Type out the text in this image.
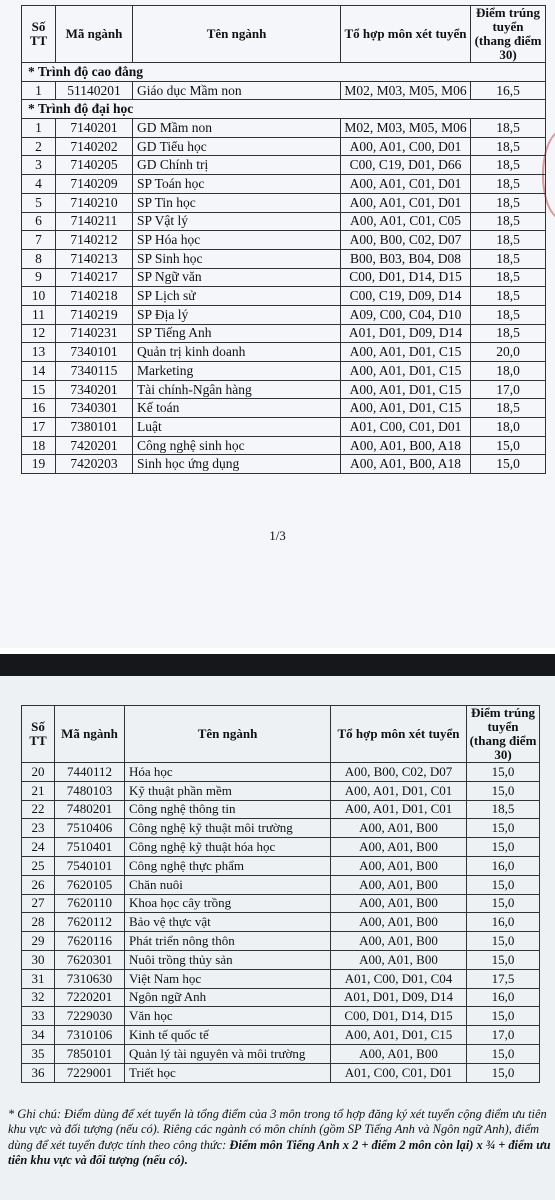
Số TT	Mã ngành	Tên ngành	Tổ hợp môn xét tuyển	Điểm trúng tuyển (thang điểm 30)
* Trình độ cao đẳng				
1	51140201	Giáo dục Mầm non	M02, M03, M05, M06	16,5
* Trình độ đại học				
1	7140201	GD Mầm non	M02, M03, M05, M06	18,5
2	7140202	GD Tiểu học	A00, A01, C00, D01	18,5
3	7140205	GD Chính trị	C00, C19, D01, D66	18,5
4	7140209	SP Toán học	A00, A01, C01, D01	18,5
5	7140210	SP Tin học	A00, A01, C01, D01	18,5
6	7140211	SP Vật lý	A00, A01, C01, C05	18,5
7	7140212	SP Hóa học	A00, B00, C02, D07	18,5
8	7140213	SP Sinh học	B00, B03, B04, D08	18,5
9	7140217	SP Ngữ văn	C00, D01, D14, D15	18,5
10	7140218	SP Lịch sử	C00, C19, D09, D14	18,5
11	7140219	SP Địa lý	A09, C00, C04, D10	18,5
12	7140231	SP Tiếng Anh	A01, D01, D09, D14	18,5
13	7340101	Quản trị kinh doanh	A00, A01, D01, C15	20,0
14	7340115	Marketing	A00, A01, D01, C15	18,0
15	7340201	Tài chính-Ngân hàng	A00, A01, D01, C15	17,0
16	7340301	Kế toán	A00, A01, D01, C15	18,5
17	7380101	Luật	A01, C00, C01, D01	18,0
18	7420201	Công nghệ sinh học	A00, A01, B00, A18	15,0
19	7420203	Sinh học ứng dụng	A00, A01, B00, A18	15,0
1/3
Số TT	Mã ngành	Tên ngành	Tổ hợp môn xét tuyển	Điểm trúng tuyển (thang điểm 30)
20	7440112	Hóa học	A00, B00, C02, D07	15,0
21	7480103	Kỹ thuật phần mềm	A00, A01, D01, C01	15,0
22	7480201	Công nghệ thông tin	A00, A01, D01, C01	18,5
23	7510406	Công nghệ kỹ thuật môi trường	A00, A01, B00	15,0
24	7510401	Công nghệ kỹ thuật hóa học	A00, A01, B00	15,0
25	7540101	Công nghệ thực phẩm	A00, A01, B00	16,0
26	7620105	Chăn nuôi	A00, A01, B00	15,0
27	7620110	Khoa học cây trồng	A00, A01, B00	15,0
28	7620112	Bảo vệ thực vật	A00, A01, B00	16,0
29	7620116	Phát triển nông thôn	A00, A01, B00	15,0
30	7620301	Nuôi trồng thủy sản	A00, A01, B00	15,0
31	7310630	Việt Nam học	A01, C00, D01, C04	17,5
32	7220201	Ngôn ngữ Anh	A01, D01, D09, D14	16,0
33	7229030	Văn học	C00, D01, D14, D15	15,0
34	7310106	Kinh tế quốc tế	A00, A01, D01, C15	17,0
35	7850101	Quản lý tài nguyên và môi trường	A00, A01, B00	15,0
36	7229001	Triết học	A01, C00, C01, D01	15,0
* Ghi chú: Điểm dùng để xét tuyển là tổng điểm của 3 môn trong tổ hợp đăng ký xét tuyển cộng điểm ưu tiên khu vực và đối tượng (nếu có). Riêng các ngành có môn chính (gồm SP Tiếng Anh và Ngôn ngữ Anh), điểm dùng để xét tuyển được tính theo công thức: Điểm môn Tiếng Anh x 2 + điểm 2 môn còn lại) x ¾ + điểm ưu tiên khu vực và đối tượng (nếu có).
